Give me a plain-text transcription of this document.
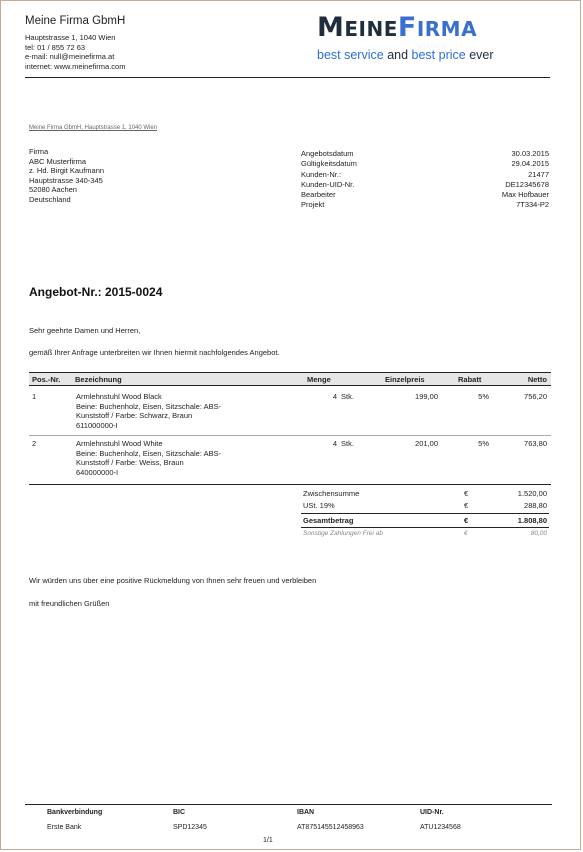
Meine Firma GbmH
Hauptstrasse 1, 1040 Wien
tel: 01 / 855 72 63
e-mail: null@meinefirma.at
internet: www.meinefirma.com
MEINEFIRMA
best service and best price ever
Meine Firma GbmH, Hauptstrasse 1, 1040 Wien
Firma
ABC Musterfirma
z. Hd. Birgit Kaufmann
Hauptstrasse 340-345
52080 Aachen
Deutschland
Angebotsdatum	30.03.2015
Gültigkeitsdatum	29.04.2015
Kunden-Nr.:	21477
Kunden-UID-Nr.	DE12345678
Bearbeiter	Max Hofbauer
Projekt	7T334-P2
Angebot-Nr.: 2015-0024
Sehr geehrte Damen und Herren,
gemäß Ihrer Anfrage unterbreiten wir Ihnen hiermit nachfolgendes Angebot.
Pos.-Nr. Bezeichnung	Menge	Einzelpreis	Rabatt	Netto
1	Armlehnstuhl Wood Black
Beine: Buchenholz, Eisen, Sitzschale: ABS-
Kunststoff / Farbe: Schwarz, Braun
611000000-I
4 Stk.	199,00	5%	756,20
2	Armlehnstuhl Wood White
Beine: Buchenholz, Eisen, Sitzschale: ABS-
Kunststoff / Farbe: Weiss, Braun
640000000-I
4 Stk.	201,00	5%	763,80
Zwischensumme	€	1.520,00
USt. 19%	€	288,80
Gesamtbetrag	€	1.808,80
Sonstige Zahlungen Frei ab	€	80,00
Wir würden uns über eine positive Rückmeldung von Ihnen sehr freuen und verbleiben
mit freundlichen Grüßen
Bankverbindung	BIC	IBAN	UID-Nr.
Erste Bank	SPD12345	AT875145512458963	ATU1234568
1/1
